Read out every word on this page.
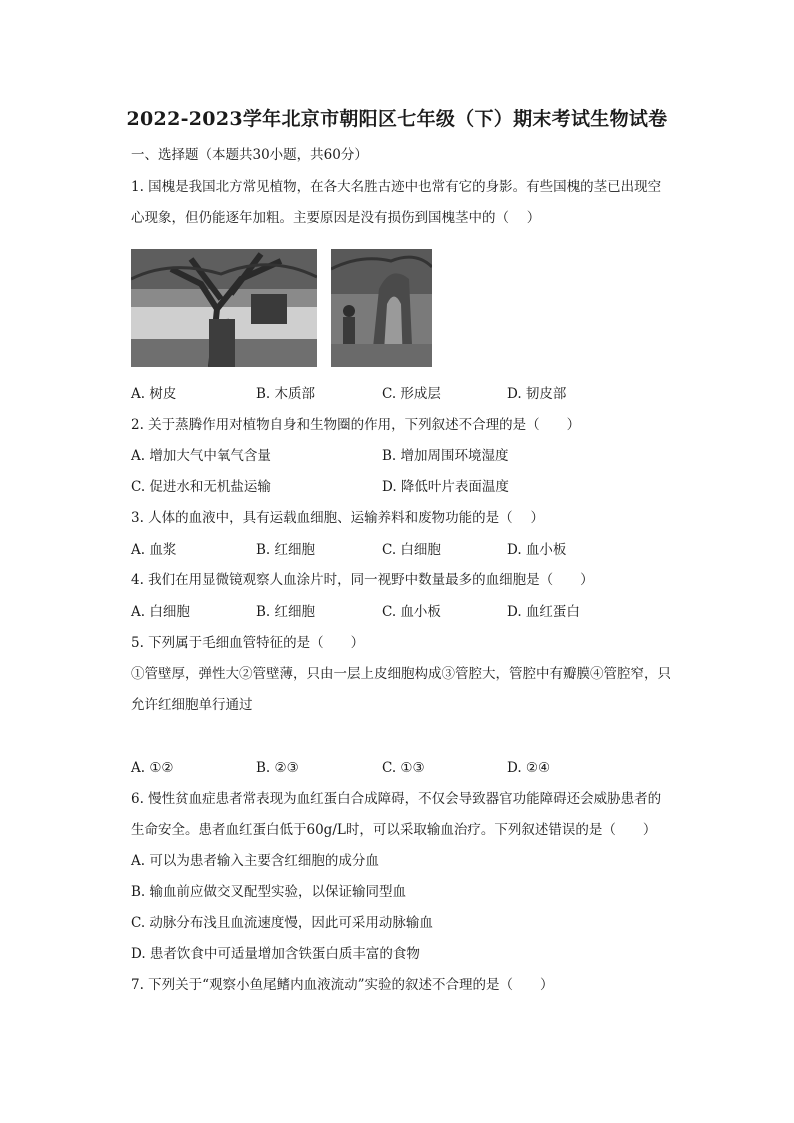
2022-2023学年北京市朝阳区七年级（下）期末考试生物试卷
一、选择题（本题共30小题，共60分）
1. 国槐是我国北方常见植物，在各大名胜古迹中也常有它的身影。有些国槐的茎已出现空
心现象，但仍能逐年加粗。主要原因是没有损伤到国槐茎中的（　 ）
A. 树皮	B. 木质部	C. 形成层	D. 韧皮部
2. 关于蒸腾作用对植物自身和生物圈的作用，下列叙述不合理的是（　　）
A. 增加大气中氧气含量	B. 增加周围环境湿度
C. 促进水和无机盐运输	D. 降低叶片表面温度
3. 人体的血液中，具有运载血细胞、运输养料和废物功能的是（　 ）
A. 血浆	B. 红细胞	C. 白细胞	D. 血小板
4. 我们在用显微镜观察人血涂片时，同一视野中数量最多的血细胞是（　　）
A. 白细胞	B. 红细胞	C. 血小板	D. 血红蛋白
5. 下列属于毛细血管特征的是（　　）
①管壁厚，弹性大②管壁薄，只由一层上皮细胞构成③管腔大，管腔中有瓣膜④管腔窄，只
允许红细胞单行通过
A. ①②	B. ②③	C. ①③	D. ②④
6. 慢性贫血症患者常表现为血红蛋白合成障碍，不仅会导致器官功能障碍还会威胁患者的
生命安全。患者血红蛋白低于60g/L时，可以采取输血治疗。下列叙述错误的是（　　）
A. 可以为患者输入主要含红细胞的成分血
B. 输血前应做交叉配型实验，以保证输同型血
C. 动脉分布浅且血流速度慢，因此可采用动脉输血
D. 患者饮食中可适量增加含铁蛋白质丰富的食物
7. 下列关于“观察小鱼尾鳍内血液流动”实验的叙述不合理的是（　　）
